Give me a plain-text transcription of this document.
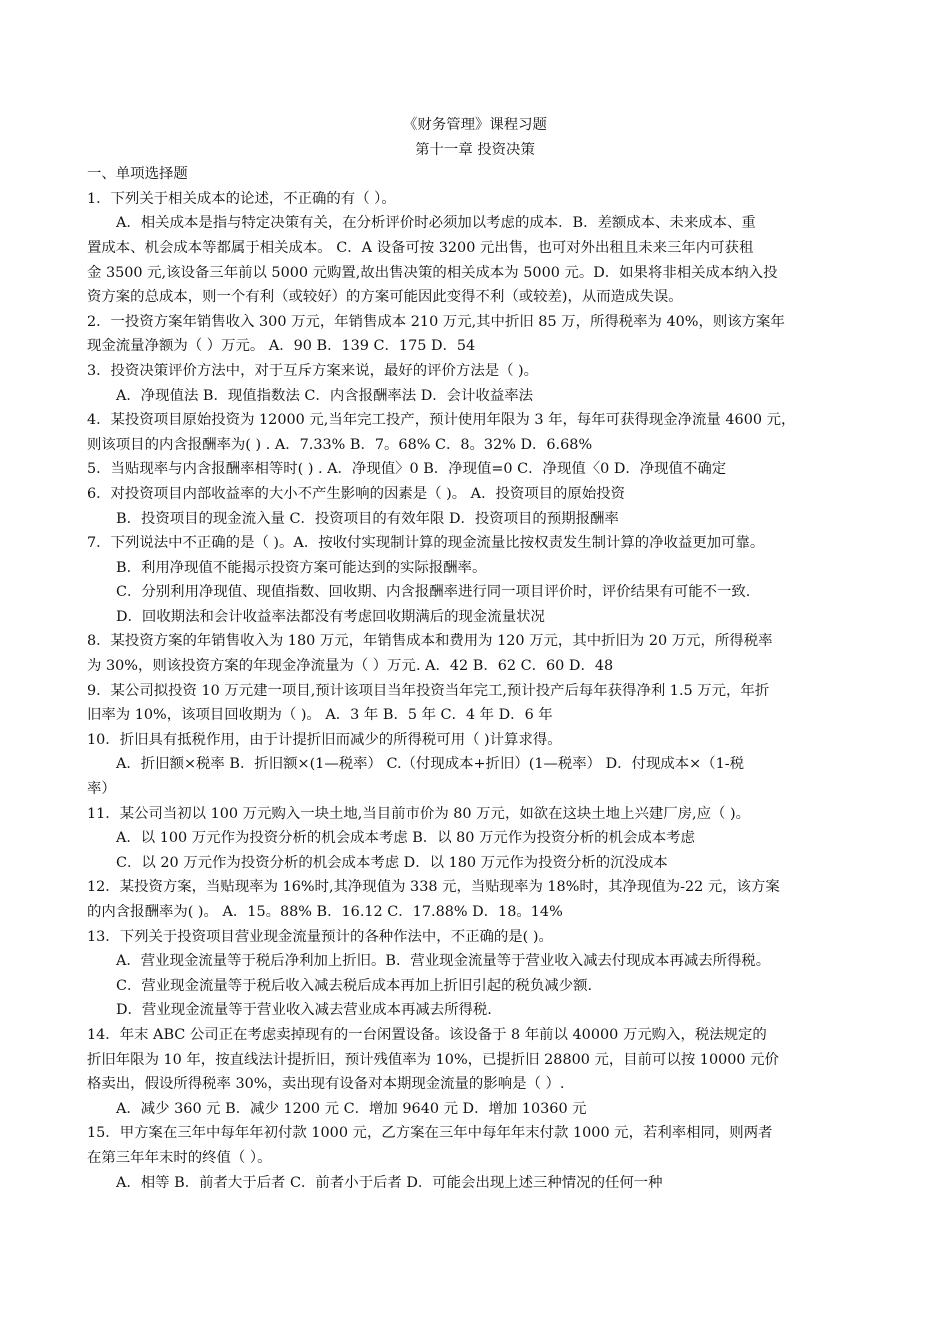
《财务管理》课程习题
第十一章 投资决策
一、单项选择题
1．下列关于相关成本的论述，不正确的有（ ）。
A．相关成本是指与特定决策有关，在分析评价时必须加以考虑的成本．B．差额成本、未来成本、重
置成本、机会成本等都属于相关成本。 C．A 设备可按 3200 元出售，也可对外出租且未来三年内可获租
金 3500 元,该设备三年前以 5000 元购置,故出售决策的相关成本为 5000 元。D．如果将非相关成本纳入投
资方案的总成本，则一个有利（或较好）的方案可能因此变得不利（或较差)，从而造成失误。
2．一投资方案年销售收入 300 万元，年销售成本 210 万元,其中折旧 85 万，所得税率为 40%，则该方案年
现金流量净额为（ ）万元。 A．90 B．139 C．175 D．54
3．投资决策评价方法中，对于互斥方案来说，最好的评价方法是（ )。
A．净现值法 B．现值指数法 C．内含报酬率法 D．会计收益率法
4．某投资项目原始投资为 12000 元,当年完工投产，预计使用年限为 3 年，每年可获得现金净流量 4600 元，
则该项目的内含报酬率为( ) . A．7.33% B．7。68% C．8。32% D．6.68%
5．当贴现率与内含报酬率相等时( ) . A．净现值〉0 B．净现值=0 C．净现值〈0 D．净现值不确定
6．对投资项目内部收益率的大小不产生影响的因素是（ )。 A．投资项目的原始投资
B．投资项目的现金流入量 C．投资项目的有效年限 D．投资项目的预期报酬率
7．下列说法中不正确的是（ )。A．按收付实现制计算的现金流量比按权责发生制计算的净收益更加可靠。
B．利用净现值不能揭示投资方案可能达到的实际报酬率。
C．分别利用净现值、现值指数、回收期、内含报酬率进行同一项目评价时，评价结果有可能不一致.
D．回收期法和会计收益率法都没有考虑回收期满后的现金流量状况
8．某投资方案的年销售收入为 180 万元，年销售成本和费用为 120 万元，其中折旧为 20 万元，所得税率
为 30%，则该投资方案的年现金净流量为（ ）万元. A．42 B．62 C．60 D．48
9．某公司拟投资 10 万元建一项目,预计该项目当年投资当年完工,预计投产后每年获得净利 1.5 万元，年折
旧率为 10%，该项目回收期为（ )。 A．3 年 B．5 年 C．4 年 D．6 年
10．折旧具有抵税作用，由于计提折旧而减少的所得税可用（ )计算求得。
A．折旧额×税率 B．折旧额×(1—税率） C.（付现成本+折旧）(1—税率） D．付现成本×（1-税
率）
11．某公司当初以 100 万元购入一块土地,当目前市价为 80 万元，如欲在这块土地上兴建厂房,应（ )。
A．以 100 万元作为投资分析的机会成本考虑 B．以 80 万元作为投资分析的机会成本考虑
C．以 20 万元作为投资分析的机会成本考虑 D．以 180 万元作为投资分析的沉没成本
12．某投资方案，当贴现率为 16%时,其净现值为 338 元，当贴现率为 18%时，其净现值为-22 元，该方案
的内含报酬率为( )。 A．15。88% B．16.12 C．17.88% D．18。14%
13．下列关于投资项目营业现金流量预计的各种作法中，不正确的是( )。
A．营业现金流量等于税后净利加上折旧。B．营业现金流量等于营业收入减去付现成本再减去所得税。
C．营业现金流量等于税后收入减去税后成本再加上折旧引起的税负减少额.
D．营业现金流量等于营业收入减去营业成本再减去所得税.
14．年末 ABC 公司正在考虑卖掉现有的一台闲置设备。该设备于 8 年前以 40000 万元购入，税法规定的
折旧年限为 10 年，按直线法计提折旧，预计残值率为 10%，已提折旧 28800 元，目前可以按 10000 元价
格卖出，假设所得税率 30%，卖出现有设备对本期现金流量的影响是（ ）.
A．减少 360 元 B．减少 1200 元 C．增加 9640 元 D．增加 10360 元
15．甲方案在三年中每年年初付款 1000 元，乙方案在三年中每年年末付款 1000 元，若利率相同，则两者
在第三年年末时的终值（ ）。
A．相等 B．前者大于后者 C．前者小于后者 D．可能会出现上述三种情况的任何一种
